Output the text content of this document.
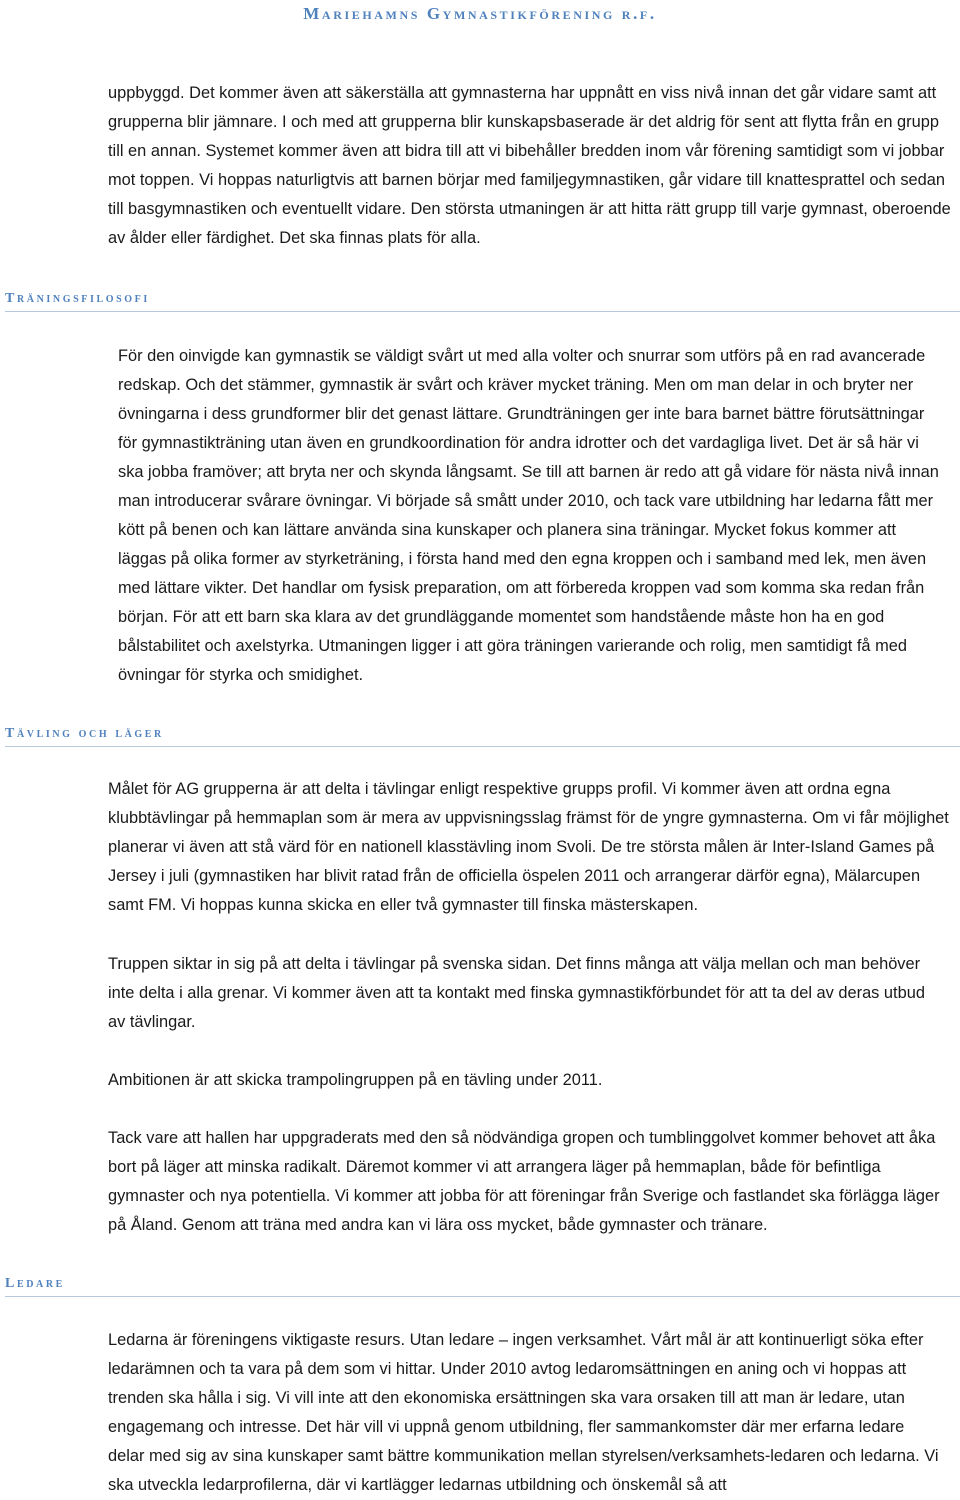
Mariehamns Gymnastikförening r.f.

uppbyggd. Det kommer även att säkerställa att gymnasterna har uppnått en viss nivå innan det går vidare samt att grupperna blir jämnare. I och med att grupperna blir kunskapsbaserade är det aldrig för sent att flytta från en grupp till en annan. Systemet kommer även att bidra till att vi bibehåller bredden inom vår förening samtidigt som vi jobbar mot toppen. Vi hoppas naturligtvis att barnen börjar med familjegymnastiken, går vidare till knattesprattel och sedan till basgymnastiken och eventuellt vidare. Den största utmaningen är att hitta rätt grupp till varje gymnast, oberoende av ålder eller färdighet. Det ska finnas plats för alla.

Träningsfilosofi

För den oinvigde kan gymnastik se väldigt svårt ut med alla volter och snurrar som utförs på en rad avancerade redskap. Och det stämmer, gymnastik är svårt och kräver mycket träning. Men om man delar in och bryter ner övningarna i dess grundformer blir det genast lättare. Grundträningen ger inte bara barnet bättre förutsättningar för gymnastikträning utan även en grundkoordination för andra idrotter och det vardagliga livet. Det är så här vi ska jobba framöver; att bryta ner och skynda långsamt. Se till att barnen är redo att gå vidare för nästa nivå innan man introducerar svårare övningar. Vi började så smått under 2010, och tack vare utbildning har ledarna fått mer kött på benen och kan lättare använda sina kunskaper och planera sina träningar. Mycket fokus kommer att läggas på olika former av styrketräning, i första hand med den egna kroppen och i samband med lek, men även med lättare vikter. Det handlar om fysisk preparation, om att förbereda kroppen vad som komma ska redan från början. För att ett barn ska klara av det grundläggande momentet som handstående måste hon ha en god bålstabilitet och axelstyrka. Utmaningen ligger i att göra träningen varierande och rolig, men samtidigt få med övningar för styrka och smidighet.

Tävling och läger

Målet för AG grupperna är att delta i tävlingar enligt respektive grupps profil. Vi kommer även att ordna egna klubbtävlingar på hemmaplan som är mera av uppvisningsslag främst för de yngre gymnasterna. Om vi får möjlighet planerar vi även att stå värd för en nationell klasstävling inom Svoli. De tre största målen är Inter-Island Games på Jersey i juli (gymnastiken har blivit ratad från de officiella öspelen 2011 och arrangerar därför egna), Mälarcupen samt FM. Vi hoppas kunna skicka en eller två gymnaster till finska mästerskapen.

Truppen siktar in sig på att delta i tävlingar på svenska sidan. Det finns många att välja mellan och man behöver inte delta i alla grenar. Vi kommer även att ta kontakt med finska gymnastikförbundet för att ta del av deras utbud av tävlingar.

Ambitionen är att skicka trampolingruppen på en tävling under 2011.

Tack vare att hallen har uppgraderats med den så nödvändiga gropen och tumblinggolvet kommer behovet att åka bort på läger att minska radikalt. Däremot kommer vi att arrangera läger på hemmaplan, både för befintliga gymnaster och nya potentiella. Vi kommer att jobba för att föreningar från Sverige och fastlandet ska förlägga läger på Åland. Genom att träna med andra kan vi lära oss mycket, både gymnaster och tränare.

Ledare

Ledarna är föreningens viktigaste resurs. Utan ledare – ingen verksamhet. Vårt mål är att kontinuerligt söka efter ledarämnen och ta vara på dem som vi hittar. Under 2010 avtog ledaromsättningen en aning och vi hoppas att trenden ska hålla i sig. Vi vill inte att den ekonomiska ersättningen ska vara orsaken till att man är ledare, utan engagemang och intresse. Det här vill vi uppnå genom utbildning, fler sammankomster där mer erfarna ledare delar med sig av sina kunskaper samt bättre kommunikation mellan styrelsen/verksamhets-ledaren och ledarna. Vi ska utveckla ledarprofilerna, där vi kartlägger ledarnas utbildning och önskemål så att
